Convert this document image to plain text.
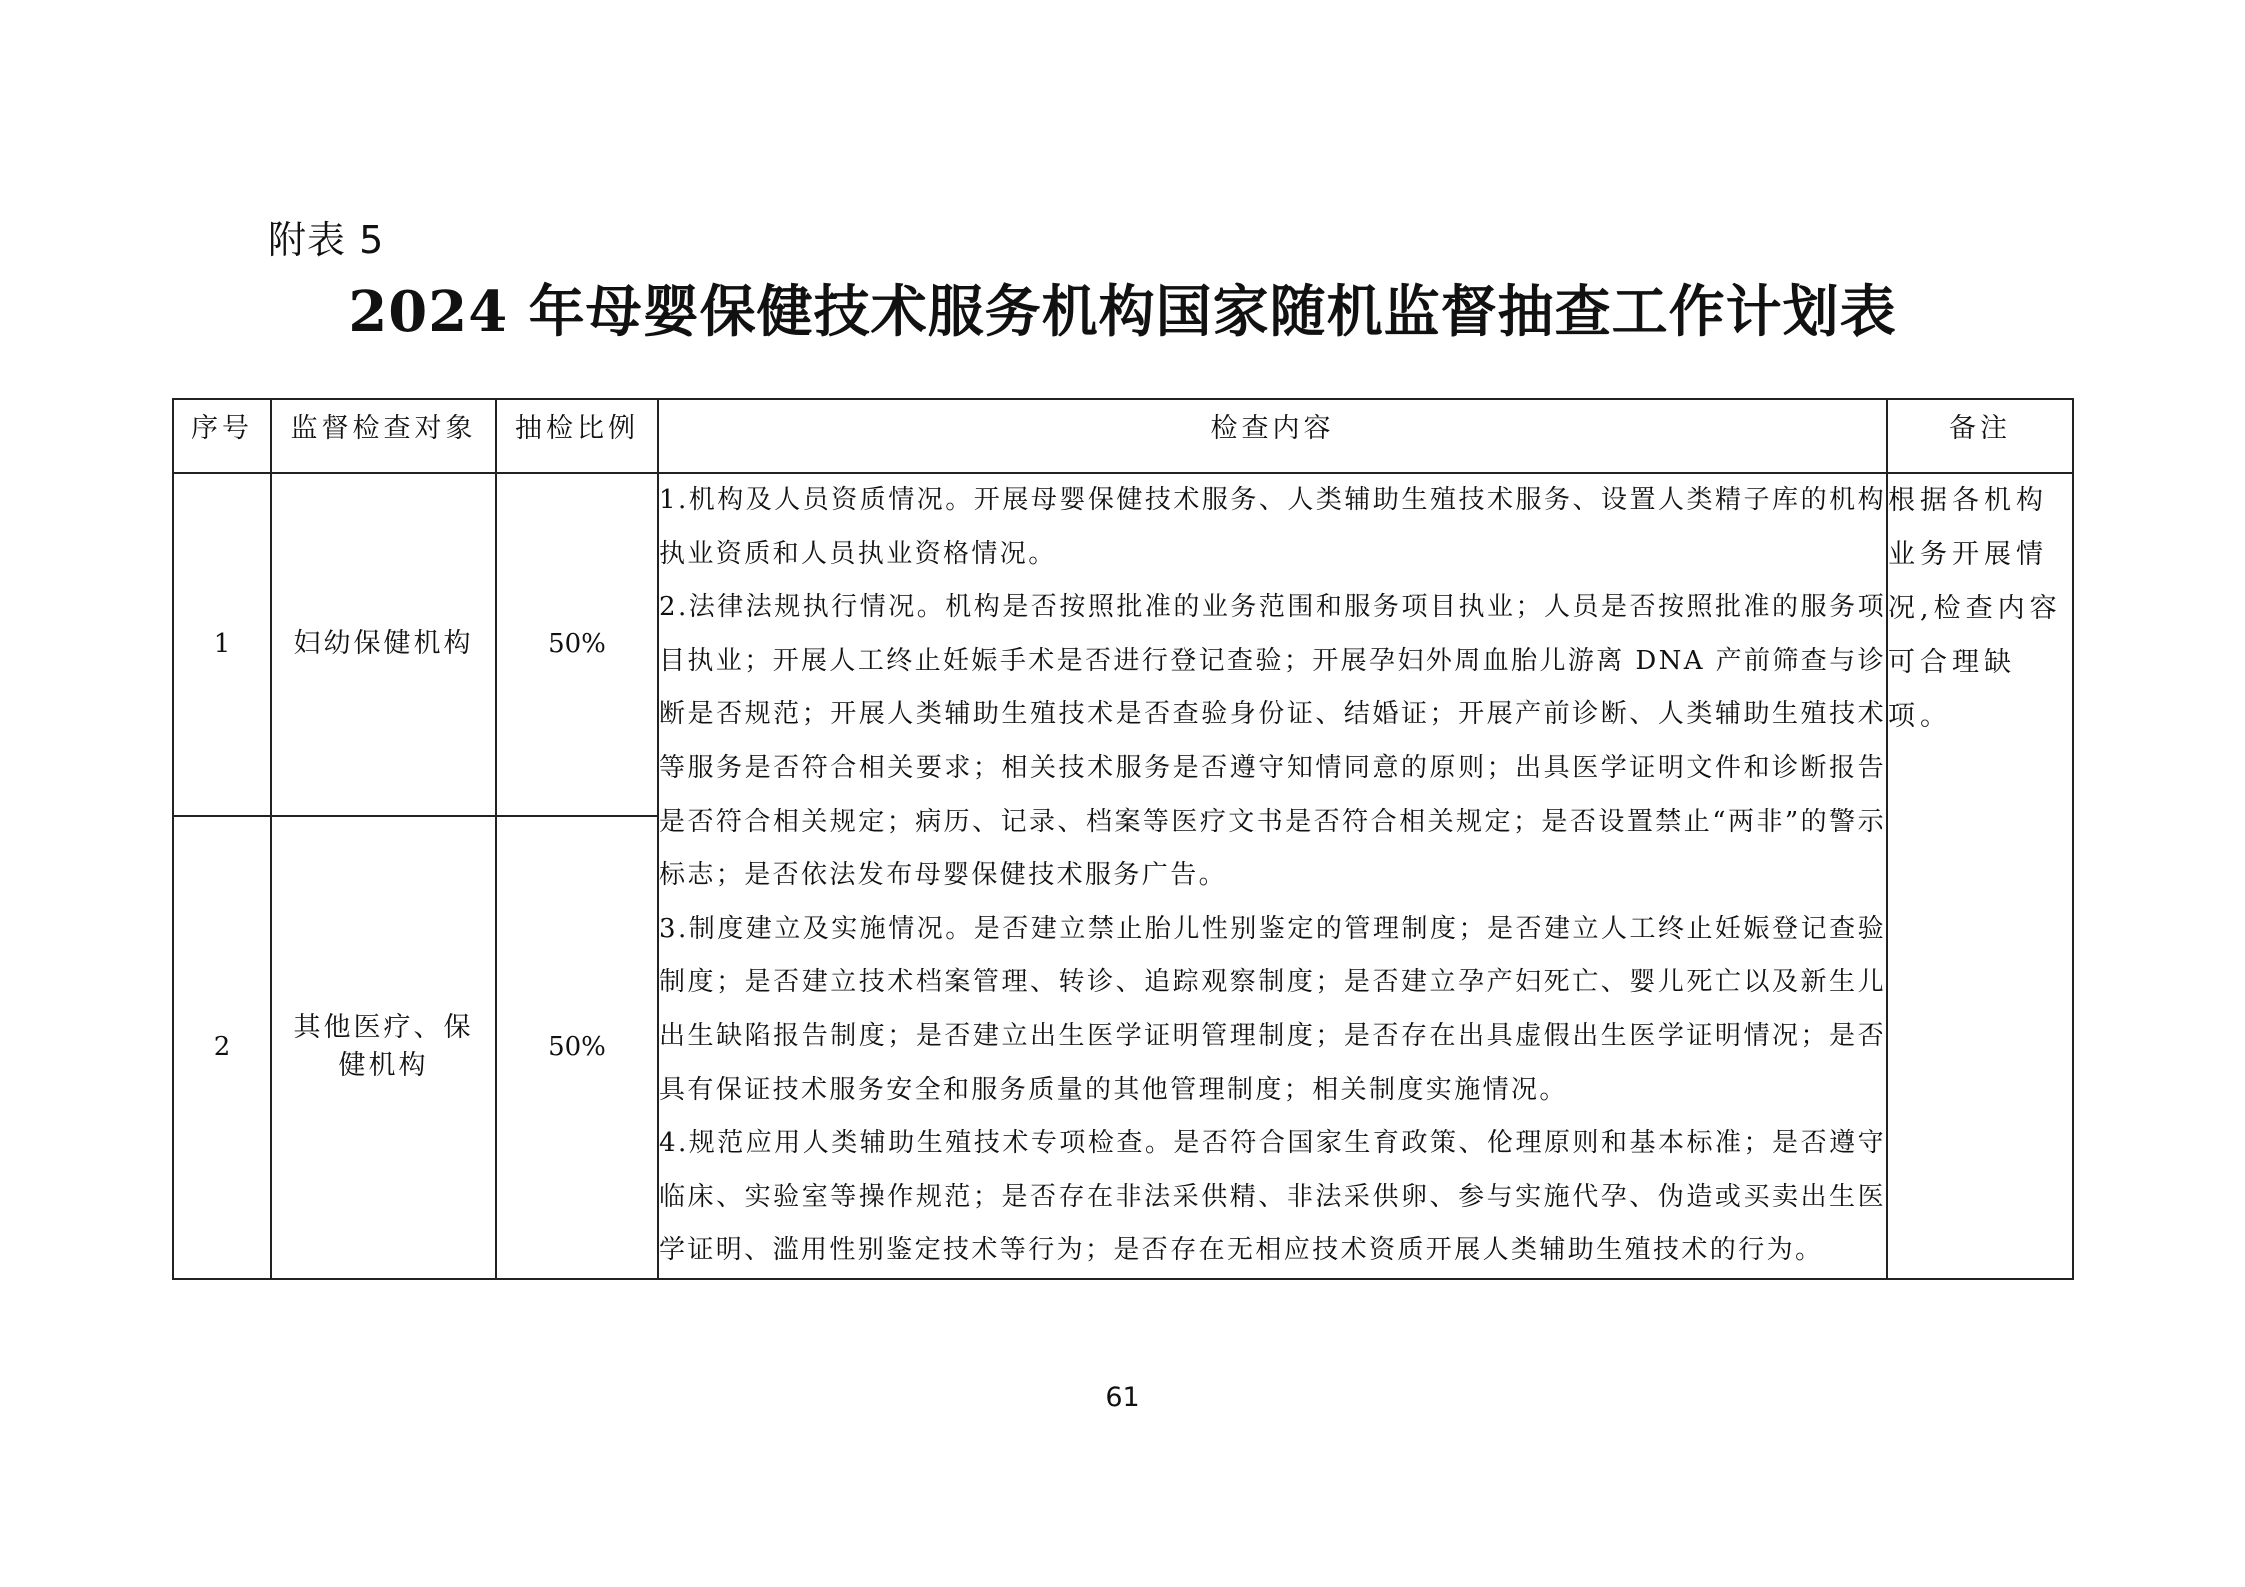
附表 5
2024 年母婴保健技术服务机构国家随机监督抽查工作计划表
序号	监督检查对象	抽检比例	检查内容	备注
1	妇幼保健机构	50%	1.机构及人员资质情况。开展母婴保健技术服务、人类辅助生殖技术服务、设置人类精子库的机构执业资质和人员执业资格情况。

2.法律法规执行情况。机构是否按照批准的业务范围和服务项目执业；人员是否按照批准的服务项目执业；开展人工终止妊娠手术是否进行登记查验；开展孕妇外周血胎儿游离 DNA 产前筛查与诊断是否规范；开展人类辅助生殖技术是否查验身份证、结婚证；开展产前诊断、人类辅助生殖技术等服务是否符合相关要求；相关技术服务是否遵守知情同意的原则；出具医学证明文件和诊断报告是否符合相关规定；病历、记录、档案等医疗文书是否符合相关规定；是否设置禁止“两非”的警示标志；是否依法发布母婴保健技术服务广告。

3.制度建立及实施情况。是否建立禁止胎儿性别鉴定的管理制度；是否建立人工终止妊娠登记查验制度；是否建立技术档案管理、转诊、追踪观察制度；是否建立孕产妇死亡、婴儿死亡以及新生儿出生缺陷报告制度；是否建立出生医学证明管理制度；是否存在出具虚假出生医学证明情况；是否具有保证技术服务安全和服务质量的其他管理制度；相关制度实施情况。

4.规范应用人类辅助生殖技术专项检查。是否符合国家生育政策、伦理原则和基本标准；是否遵守临床、实验室等操作规范；是否存在非法采供精、非法采供卵、参与实施代孕、伪造或买卖出生医学证明、滥用性别鉴定技术等行为；是否存在无相应技术资质开展人类辅助生殖技术的行为。	根据各机构业务开展情况,检查内容可合理缺项。
2	其他医疗、保健机构	50%		
61
